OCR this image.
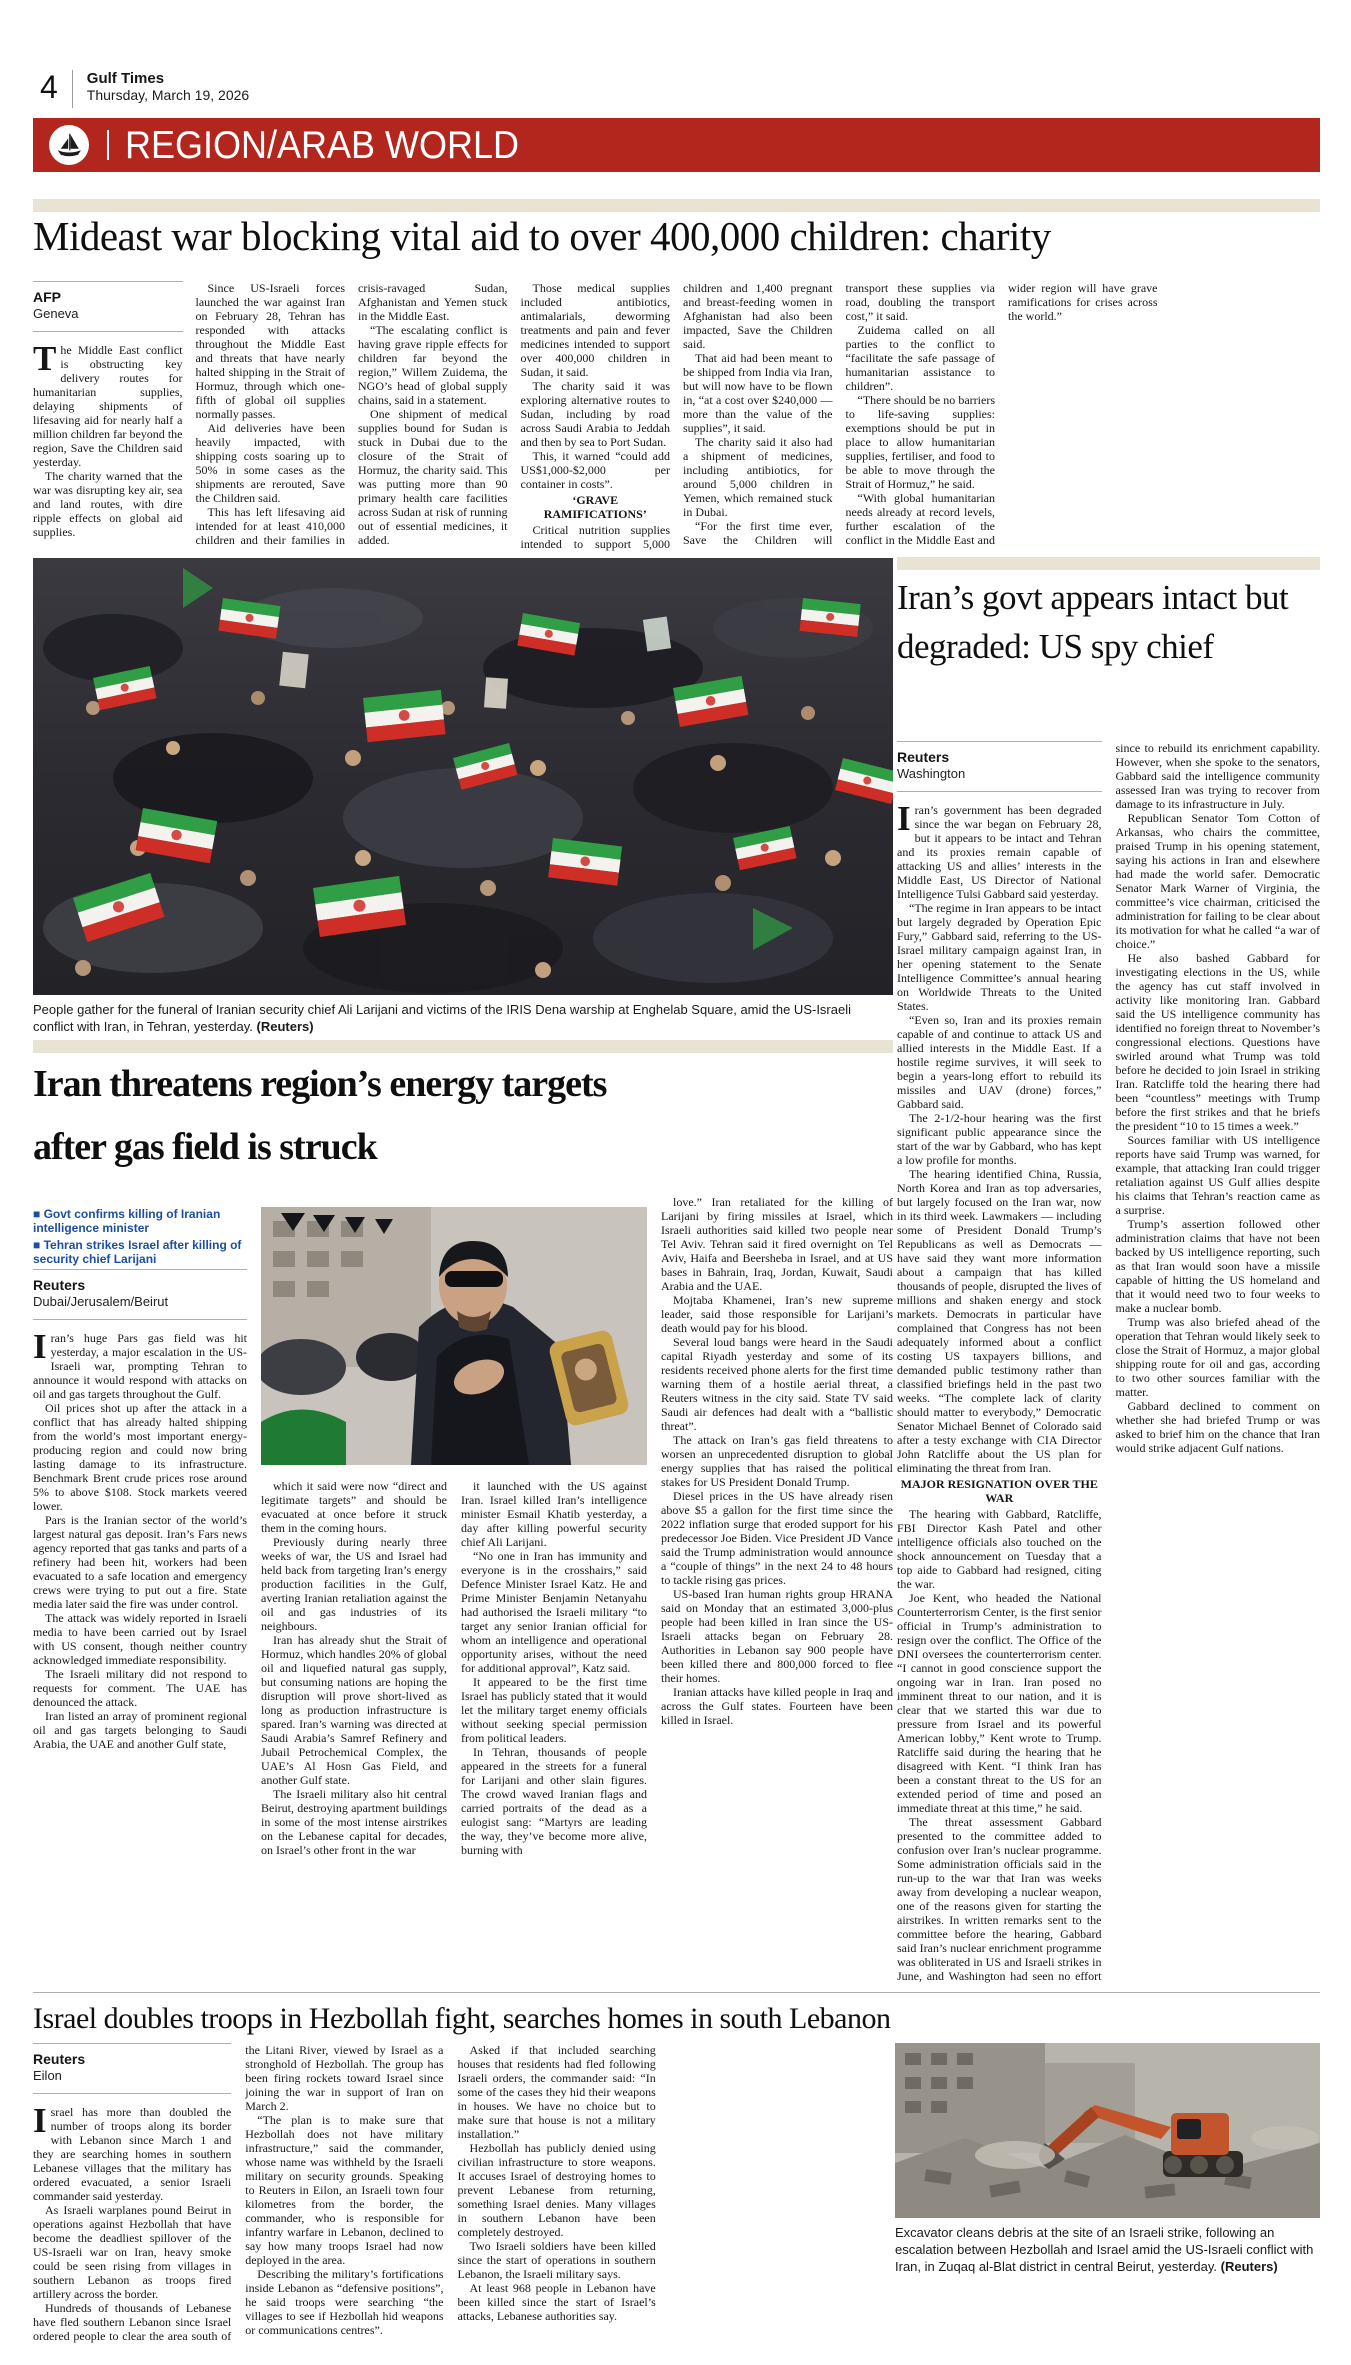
4 Gulf Times
Thursday, March 19, 2026
REGION/ARAB WORLD
Mideast war blocking vital aid to over 400,000 children: charity
AFP
Geneva

The Middle East conflict is obstructing key delivery routes for humanitarian supplies, delaying shipments of lifesaving aid for nearly half a million children far beyond the region, Save the Children said yesterday.

The charity warned that the war was disrupting key air, sea and land routes, with dire ripple effects on global aid supplies.

Since US-Israeli forces launched the war against Iran on February 28, Tehran has responded with attacks throughout the Middle East and threats that have nearly halted shipping in the Strait of Hormuz, through which one-fifth of global oil supplies normally passes.

Aid deliveries have been heavily impacted, with shipping costs soaring up to 50% in some cases as the shipments are rerouted, Save the Children said.

This has left lifesaving aid intended for at least 410,000 children and their families in crisis-ravaged Sudan, Afghanistan and Yemen stuck in the Middle East.

“The escalating conflict is having grave ripple effects for children far beyond the region,” Willem Zuidema, the NGO’s head of global supply chains, said in a statement.

One shipment of medical supplies bound for Sudan is stuck in Dubai due to the closure of the Strait of Hormuz, the charity said. This was putting more than 90 primary health care facilities across Sudan at risk of running out of essential medicines, it added.

Those medical supplies included antibiotics, antimalarials, deworming treatments and pain and fever medicines intended to support over 400,000 children in Sudan, it said.

The charity said it was exploring alternative routes to Sudan, including by road across Saudi Arabia to Jeddah and then by sea to Port Sudan.

This, it warned “could add US$1,000-$2,000 per container in costs”.

‘GRAVE RAMIFICATIONS’

Critical nutrition supplies intended to support 5,000 children and 1,400 pregnant and breast-feeding women in Afghanistan had also been impacted, Save the Children said.

That aid had been meant to be shipped from India via Iran, but will now have to be flown in, “at a cost over $240,000 — more than the value of the supplies”, it said.

The charity said it also had a shipment of medicines, including antibiotics, for around 5,000 children in Yemen, which remained stuck in Dubai.

“For the first time ever, Save the Children will transport these supplies via road, doubling the transport cost,” it said.

Zuidema called on all parties to the conflict to “facilitate the safe passage of humanitarian assistance to children”.

“There should be no barriers to life-saving supplies: exemptions should be put in place to allow humanitarian supplies, fertiliser, and food to be able to move through the Strait of Hormuz,” he said.

“With global humanitarian needs already at record levels, further escalation of the conflict in the Middle East and wider region will have grave ramifications for crises across the world.”

People gather for the funeral of Iranian security chief Ali Larijani and victims of the IRIS Dena warship at Enghelab Square, amid the US-Israeli conflict with Iran, in Tehran, yesterday. (Reuters)
Iran’s govt appears intact but degraded: US spy chief
Reuters
Washington

Iran’s government has been degraded since the war began on February 28, but it appears to be intact and Tehran and its proxies remain capable of attacking US and allies’ interests in the Middle East, US Director of National Intelligence Tulsi Gabbard said yesterday.

“The regime in Iran appears to be intact but largely degraded by Operation Epic Fury,” Gabbard said, referring to the US-Israel military campaign against Iran, in her opening statement to the Senate Intelligence Committee’s annual hearing on Worldwide Threats to the United States.

“Even so, Iran and its proxies remain capable of and continue to attack US and allied interests in the Middle East. If a hostile regime survives, it will seek to begin a years-long effort to rebuild its missiles and UAV (drone) forces,” Gabbard said.

The 2-1/2-hour hearing was the first significant public appearance since the start of the war by Gabbard, who has kept a low profile for months.

The hearing identified China, Russia, North Korea and Iran as top adversaries, but largely focused on the Iran war, now in its third week. Lawmakers — including some of President Donald Trump’s Republicans as well as Democrats — have said they want more information about a campaign that has killed thousands of people, disrupted the lives of millions and shaken energy and stock markets. Democrats in particular have complained that Congress has not been adequately informed about a conflict costing US taxpayers billions, and demanded public testimony rather than classified briefings held in the past two weeks. “The complete lack of clarity should matter to everybody,” Democratic Senator Michael Bennet of Colorado said after a testy exchange with CIA Director John Ratcliffe about the US plan for eliminating the threat from Iran.

MAJOR RESIGNATION OVER THE WAR

The hearing with Gabbard, Ratcliffe, FBI Director Kash Patel and other intelligence officials also touched on the shock announcement on Tuesday that a top aide to Gabbard had resigned, citing the war.

Joe Kent, who headed the National Counterterrorism Center, is the first senior official in Trump’s administration to resign over the conflict. The Office of the DNI oversees the counterterrorism center. “I cannot in good conscience support the ongoing war in Iran. Iran posed no imminent threat to our nation, and it is clear that we started this war due to pressure from Israel and its powerful American lobby,” Kent wrote to Trump. Ratcliffe said during the hearing that he disagreed with Kent. “I think Iran has been a constant threat to the US for an extended period of time and posed an immediate threat at this time,” he said.

The threat assessment Gabbard presented to the committee added to confusion over Iran’s nuclear programme. Some administration officials said in the run-up to the war that Iran was weeks away from developing a nuclear weapon, one of the reasons given for starting the airstrikes. In written remarks sent to the committee before the hearing, Gabbard said Iran’s nuclear enrichment programme was obliterated in US and Israeli strikes in June, and Washington had seen no effort since to rebuild its enrichment capability. However, when she spoke to the senators, Gabbard said the intelligence community assessed Iran was trying to recover from damage to its infrastructure in July.

Republican Senator Tom Cotton of Arkansas, who chairs the committee, praised Trump in his opening statement, saying his actions in Iran and elsewhere had made the world safer. Democratic Senator Mark Warner of Virginia, the committee’s vice chairman, criticised the administration for failing to be clear about its motivation for what he called “a war of choice.”

He also bashed Gabbard for investigating elections in the US, while the agency has cut staff involved in activity like monitoring Iran. Gabbard said the US intelligence community has identified no foreign threat to November’s congressional elections. Questions have swirled around what Trump was told before he decided to join Israel in striking Iran. Ratcliffe told the hearing there had been “countless” meetings with Trump before the first strikes and that he briefs the president “10 to 15 times a week.”

Sources familiar with US intelligence reports have said Trump was warned, for example, that attacking Iran could trigger retaliation against US Gulf allies despite his claims that Tehran’s reaction came as a surprise.

Trump’s assertion followed other administration claims that have not been backed by US intelligence reporting, such as that Iran would soon have a missile capable of hitting the US homeland and that it would need two to four weeks to make a nuclear bomb.

Trump was also briefed ahead of the operation that Tehran would likely seek to close the Strait of Hormuz, a major global shipping route for oil and gas, according to two other sources familiar with the matter.

Gabbard declined to comment on whether she had briefed Trump or was asked to brief him on the chance that Iran would strike adjacent Gulf nations.

Iran threatens region’s energy targets after gas field is struck

■ Govt confirms killing of Iranian intelligence minister

■ Tehran strikes Israel after killing of security chief Larijani

Reuters
Dubai/Jerusalem/Beirut

Iran’s huge Pars gas field was hit yesterday, a major escalation in the US-Israeli war, prompting Tehran to announce it would respond with attacks on oil and gas targets throughout the Gulf.

Oil prices shot up after the attack in a conflict that has already halted shipping from the world’s most important energy-producing region and could now bring lasting damage to its infrastructure. Benchmark Brent crude prices rose around 5% to above $108. Stock markets veered lower.

Pars is the Iranian sector of the world’s largest natural gas deposit. Iran’s Fars news agency reported that gas tanks and parts of a refinery had been hit, workers had been evacuated to a safe location and emergency crews were trying to put out a fire. State media later said the fire was under control.

The attack was widely reported in Israeli media to have been carried out by Israel with US consent, though neither country acknowledged immediate responsibility.

The Israeli military did not respond to requests for comment. The UAE has denounced the attack.

Iran listed an array of prominent regional oil and gas targets belonging to Saudi Arabia, the UAE and another Gulf state,

which it said were now “direct and legitimate targets” and should be evacuated at once before it struck them in the coming hours.

Previously during nearly three weeks of war, the US and Israel had held back from targeting Iran’s energy production facilities in the Gulf, averting Iranian retaliation against the oil and gas industries of its neighbours.

Iran has already shut the Strait of Hormuz, which handles 20% of global oil and liquefied natural gas supply, but consuming nations are hoping the disruption will prove short-lived as long as production infrastructure is spared. Iran’s warning was directed at Saudi Arabia’s Samref Refinery and Jubail Petrochemical Complex, the UAE’s Al Hosn Gas Field, and another Gulf state.

The Israeli military also hit central Beirut, destroying apartment buildings in some of the most intense airstrikes on the Lebanese capital for decades, on Israel’s other front in the war

it launched with the US against Iran. Israel killed Iran’s intelligence minister Esmail Khatib yesterday, a day after killing powerful security chief Ali Larijani.

“No one in Iran has immunity and everyone is in the crosshairs,” said Defence Minister Israel Katz. He and Prime Minister Benjamin Netanyahu had authorised the Israeli military “to target any senior Iranian official for whom an intelligence and operational opportunity arises, without the need for additional approval”, Katz said.

It appeared to be the first time Israel has publicly stated that it would let the military target enemy officials without seeking special permission from political leaders.

In Tehran, thousands of people appeared in the streets for a funeral for Larijani and other slain figures. The crowd waved Iranian flags and carried portraits of the dead as a eulogist sang: “Martyrs are leading the way, they’ve become more alive, burning with

love.” Iran retaliated for the killing of Larijani by firing missiles at Israel, which Israeli authorities said killed two people near Tel Aviv. Tehran said it fired overnight on Tel Aviv, Haifa and Beersheba in Israel, and at US bases in Bahrain, Iraq, Jordan, Kuwait, Saudi Arabia and the UAE.

Mojtaba Khamenei, Iran’s new supreme leader, said those responsible for Larijani’s death would pay for his blood.

Several loud bangs were heard in the Saudi capital Riyadh yesterday and some of its residents received phone alerts for the first time warning them of a hostile aerial threat, a Reuters witness in the city said. State TV said Saudi air defences had dealt with a “ballistic threat”.

The attack on Iran’s gas field threatens to worsen an unprecedented disruption to global energy supplies that has raised the political stakes for US President Donald Trump.

Diesel prices in the US have already risen above $5 a gallon for the first time since the 2022 inflation surge that eroded support for his predecessor Joe Biden. Vice President JD Vance said the Trump administration would announce a “couple of things” in the next 24 to 48 hours to tackle rising gas prices.

US-based Iran human rights group HRANA said on Monday that an estimated 3,000-plus people had been killed in Iran since the US-Israeli attacks began on February 28. Authorities in Lebanon say 900 people have been killed there and 800,000 forced to flee their homes.

Iranian attacks have killed people in Iraq and across the Gulf states. Fourteen have been killed in Israel.

Israel doubles troops in Hezbollah fight, searches homes in south Lebanon
Reuters
Eilon

Israel has more than doubled the number of troops along its border with Lebanon since March 1 and they are searching homes in southern Lebanese villages that the military has ordered evacuated, a senior Israeli commander said yesterday.

As Israeli warplanes pound Beirut in operations against Hezbollah that have become the deadliest spillover of the US-Israeli war on Iran, heavy smoke could be seen rising from villages in southern Lebanon as troops fired artillery across the border.

Hundreds of thousands of Lebanese have fled southern Lebanon since Israel ordered people to clear the area south of the Litani River, viewed by Israel as a stronghold of Hezbollah. The group has been firing rockets toward Israel since joining the war in support of Iran on March 2.

“The plan is to make sure that Hezbollah does not have military infrastructure,” said the commander, whose name was withheld by the Israeli military on security grounds. Speaking to Reuters in Eilon, an Israeli town four kilometres from the border, the commander, who is responsible for infantry warfare in Lebanon, declined to say how many troops Israel had now deployed in the area.

Describing the military’s fortifications inside Lebanon as “defensive positions”, he said troops were searching “the villages to see if Hezbollah hid weapons or communications centres”.

Asked if that included searching houses that residents had fled following Israeli orders, the commander said: “In some of the cases they hid their weapons in houses. We have no choice but to make sure that house is not a military installation.”

Hezbollah has publicly denied using civilian infrastructure to store weapons. It accuses Israel of destroying homes to prevent Lebanese from returning, something Israel denies. Many villages in southern Lebanon have been completely destroyed.

Two Israeli soldiers have been killed since the start of operations in southern Lebanon, the Israeli military says.

At least 968 people in Lebanon have been killed since the start of Israel’s attacks, Lebanese authorities say.

Excavator cleans debris at the site of an Israeli strike, following an escalation between Hezbollah and Israel amid the US-Israeli conflict with Iran, in Zuqaq al-Blat district in central Beirut, yesterday. (Reuters)
